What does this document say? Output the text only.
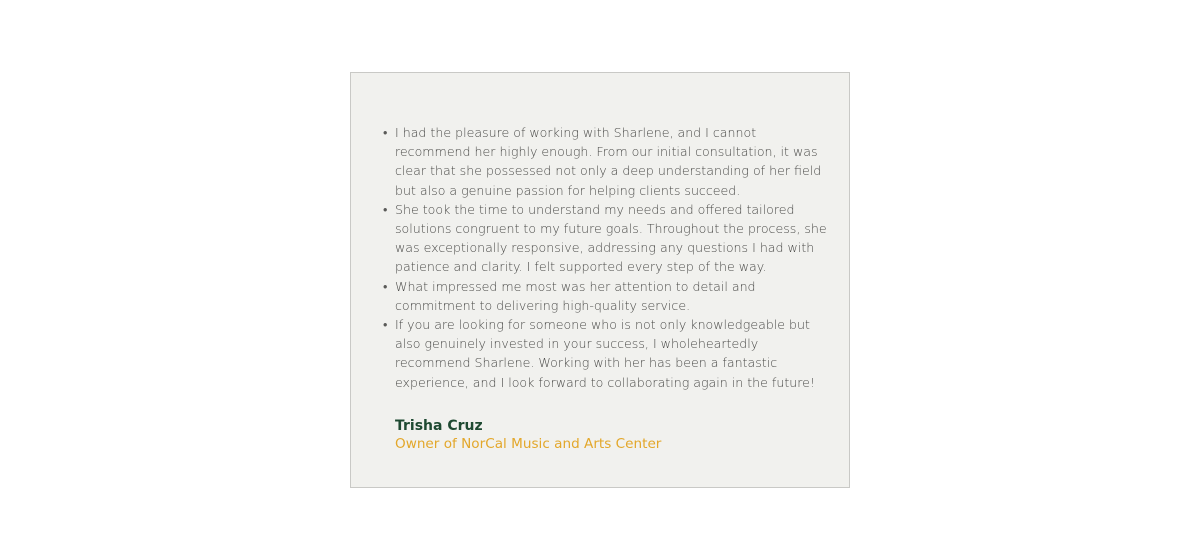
• I had the pleasure of working with Sharlene, and I cannot recommend her highly enough. From our initial consultation, it was clear that she possessed not only a deep understanding of her field but also a genuine passion for helping clients succeed.
• She took the time to understand my needs and offered tailored solutions congruent to my future goals. Throughout the process, she was exceptionally responsive, addressing any questions I had with patience and clarity. I felt supported every step of the way.
• What impressed me most was her attention to detail and commitment to delivering high-quality service.
• If you are looking for someone who is not only knowledgeable but also genuinely invested in your success, I wholeheartedly recommend Sharlene. Working with her has been a fantastic experience, and I look forward to collaborating again in the future!

Trisha Cruz

Owner of NorCal Music and Arts Center
